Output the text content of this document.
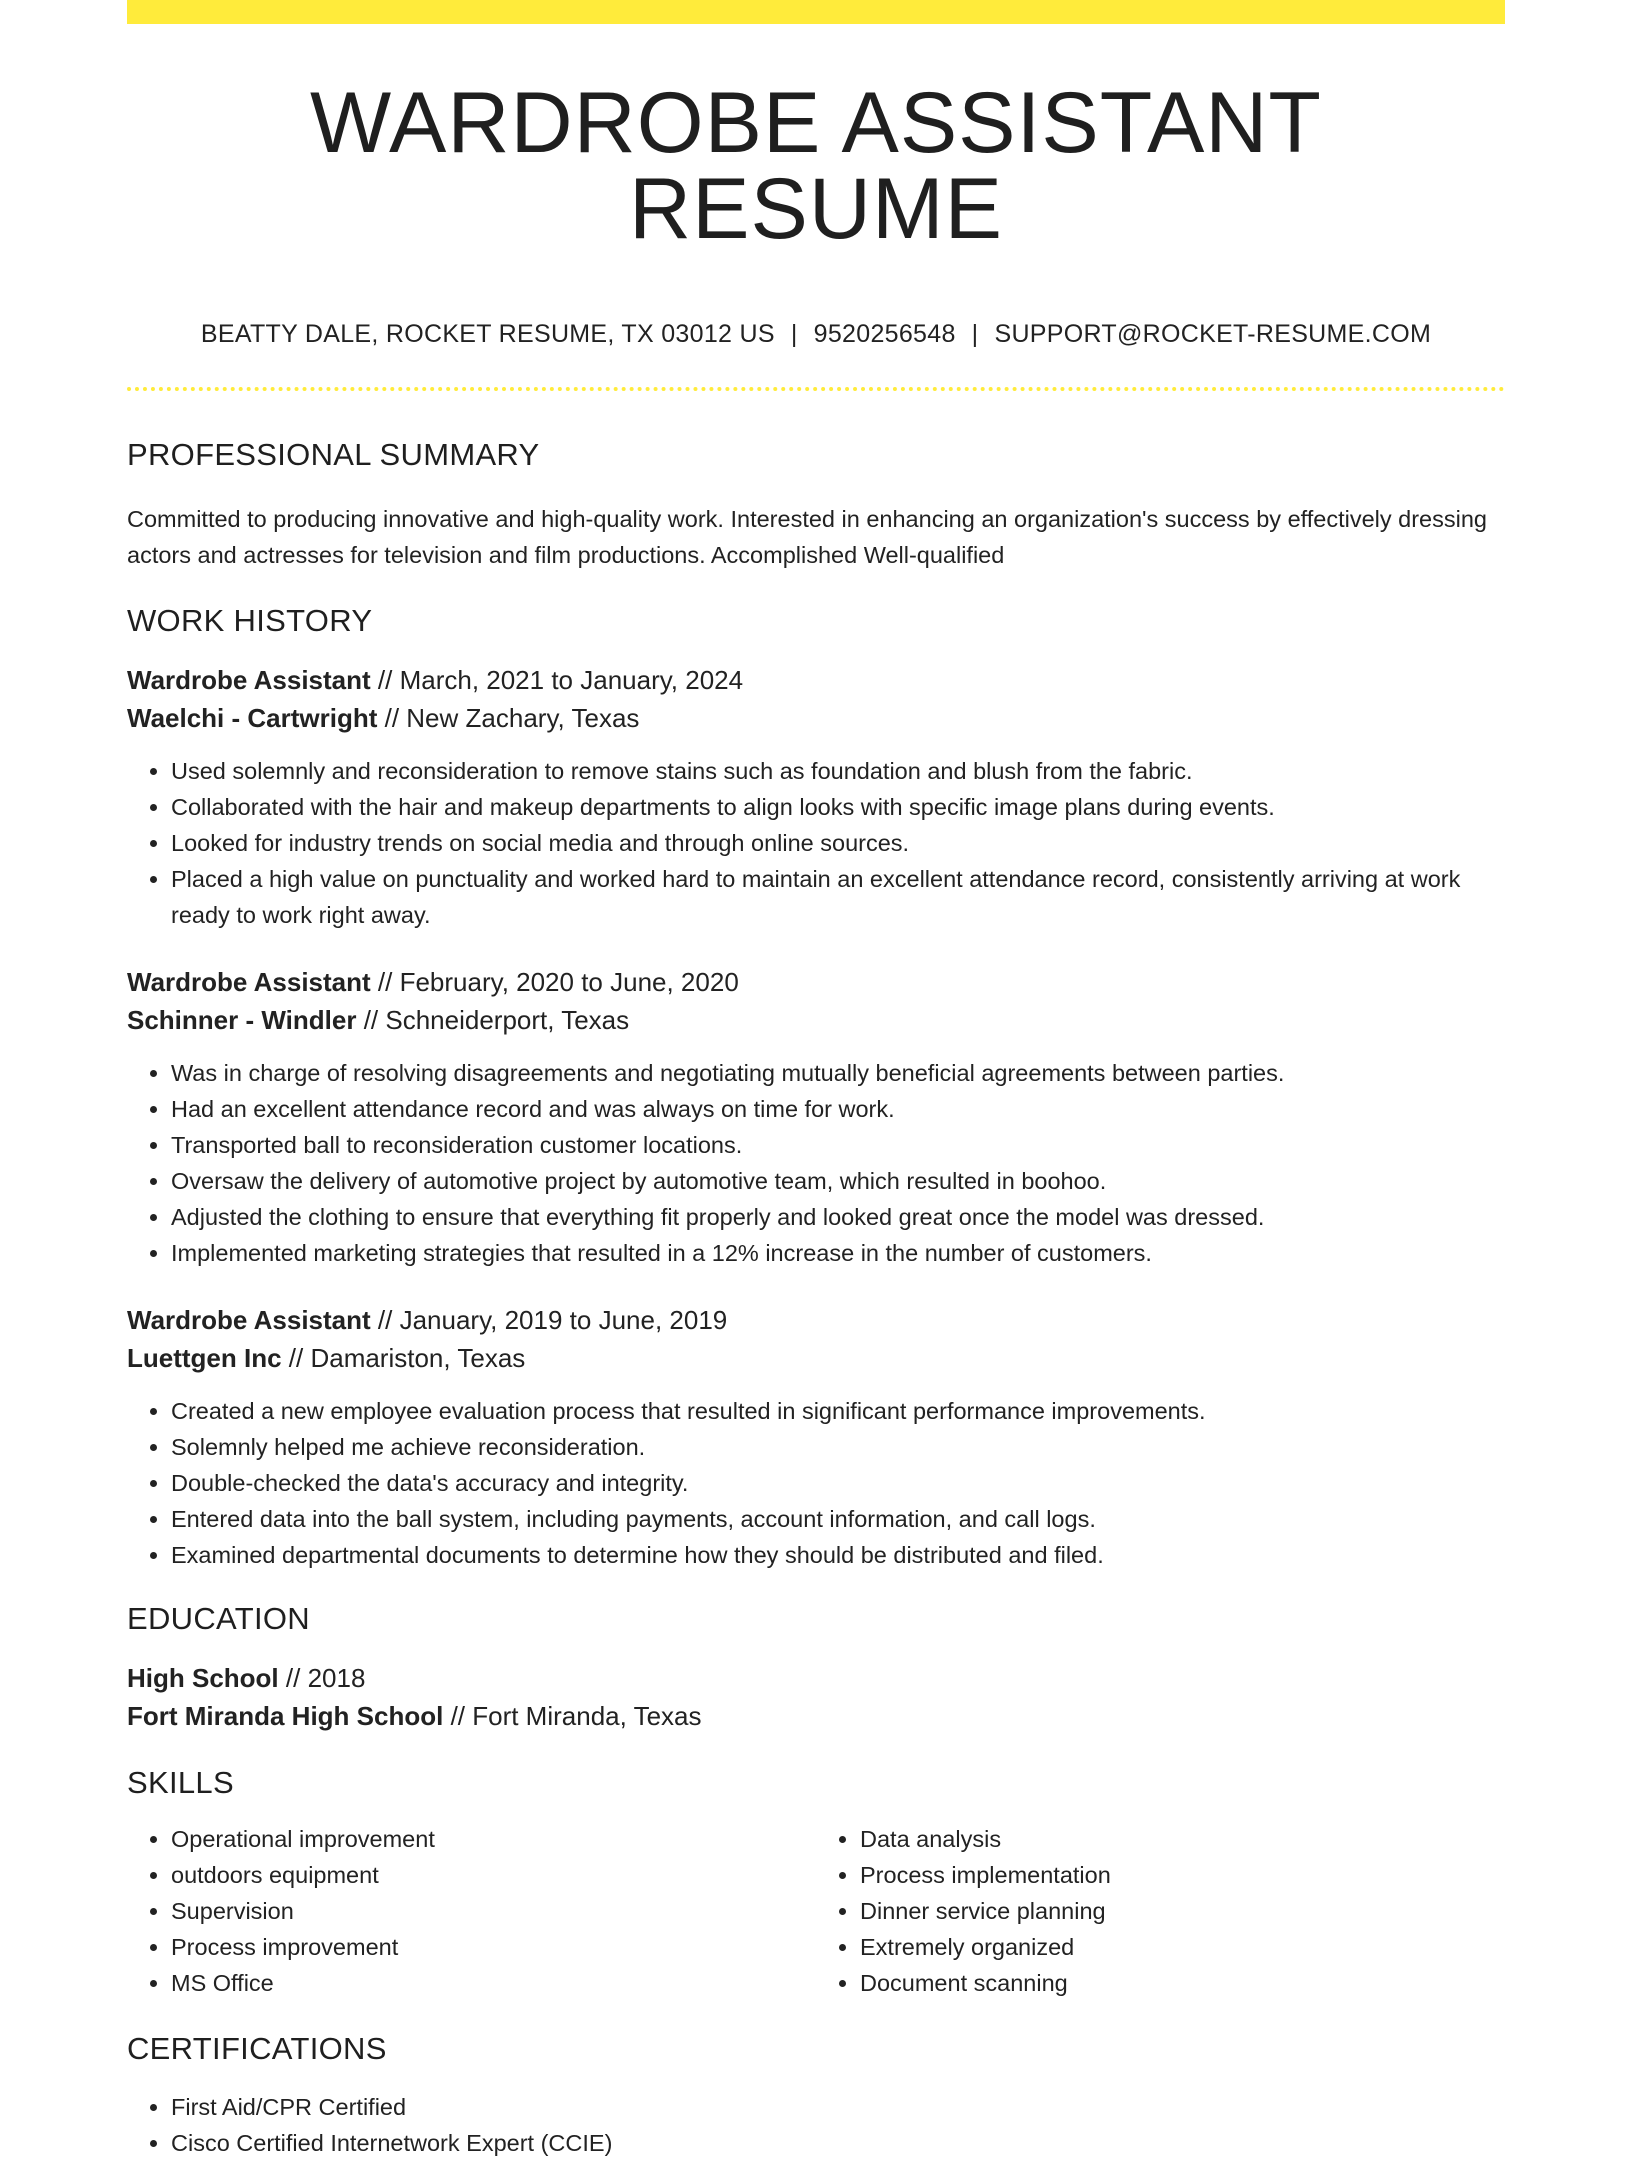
WARDROBE ASSISTANT RESUME
BEATTY DALE, ROCKET RESUME, TX 03012 US | 9520256548 | SUPPORT@ROCKET-RESUME.COM
PROFESSIONAL SUMMARY

Committed to producing innovative and high-quality work. Interested in enhancing an organization's success by effectively dressing actors and actresses for television and film productions. Accomplished Well-qualified

WORK HISTORY
Wardrobe Assistant // March, 2021 to January, 2024
Waelchi - Cartwright // New Zachary, Texas
• Used solemnly and reconsideration to remove stains such as foundation and blush from the fabric.
• Collaborated with the hair and makeup departments to align looks with specific image plans during events.
• Looked for industry trends on social media and through online sources.
• Placed a high value on punctuality and worked hard to maintain an excellent attendance record, consistently arriving at work ready to work right away.
Wardrobe Assistant // February, 2020 to June, 2020
Schinner - Windler // Schneiderport, Texas
• Was in charge of resolving disagreements and negotiating mutually beneficial agreements between parties.
• Had an excellent attendance record and was always on time for work.
• Transported ball to reconsideration customer locations.
• Oversaw the delivery of automotive project by automotive team, which resulted in boohoo.
• Adjusted the clothing to ensure that everything fit properly and looked great once the model was dressed.
• Implemented marketing strategies that resulted in a 12% increase in the number of customers.
Wardrobe Assistant // January, 2019 to June, 2019
Luettgen Inc // Damariston, Texas
• Created a new employee evaluation process that resulted in significant performance improvements.
• Solemnly helped me achieve reconsideration.
• Double-checked the data's accuracy and integrity.
• Entered data into the ball system, including payments, account information, and call logs.
• Examined departmental documents to determine how they should be distributed and filed.
EDUCATION
High School // 2018
Fort Miranda High School // Fort Miranda, Texas
SKILLS
• Operational improvement
• outdoors equipment
• Supervision
• Process improvement
• MS Office
• Data analysis
• Process implementation
• Dinner service planning
• Extremely organized
• Document scanning
CERTIFICATIONS
• First Aid/CPR Certified
• Cisco Certified Internetwork Expert (CCIE)
